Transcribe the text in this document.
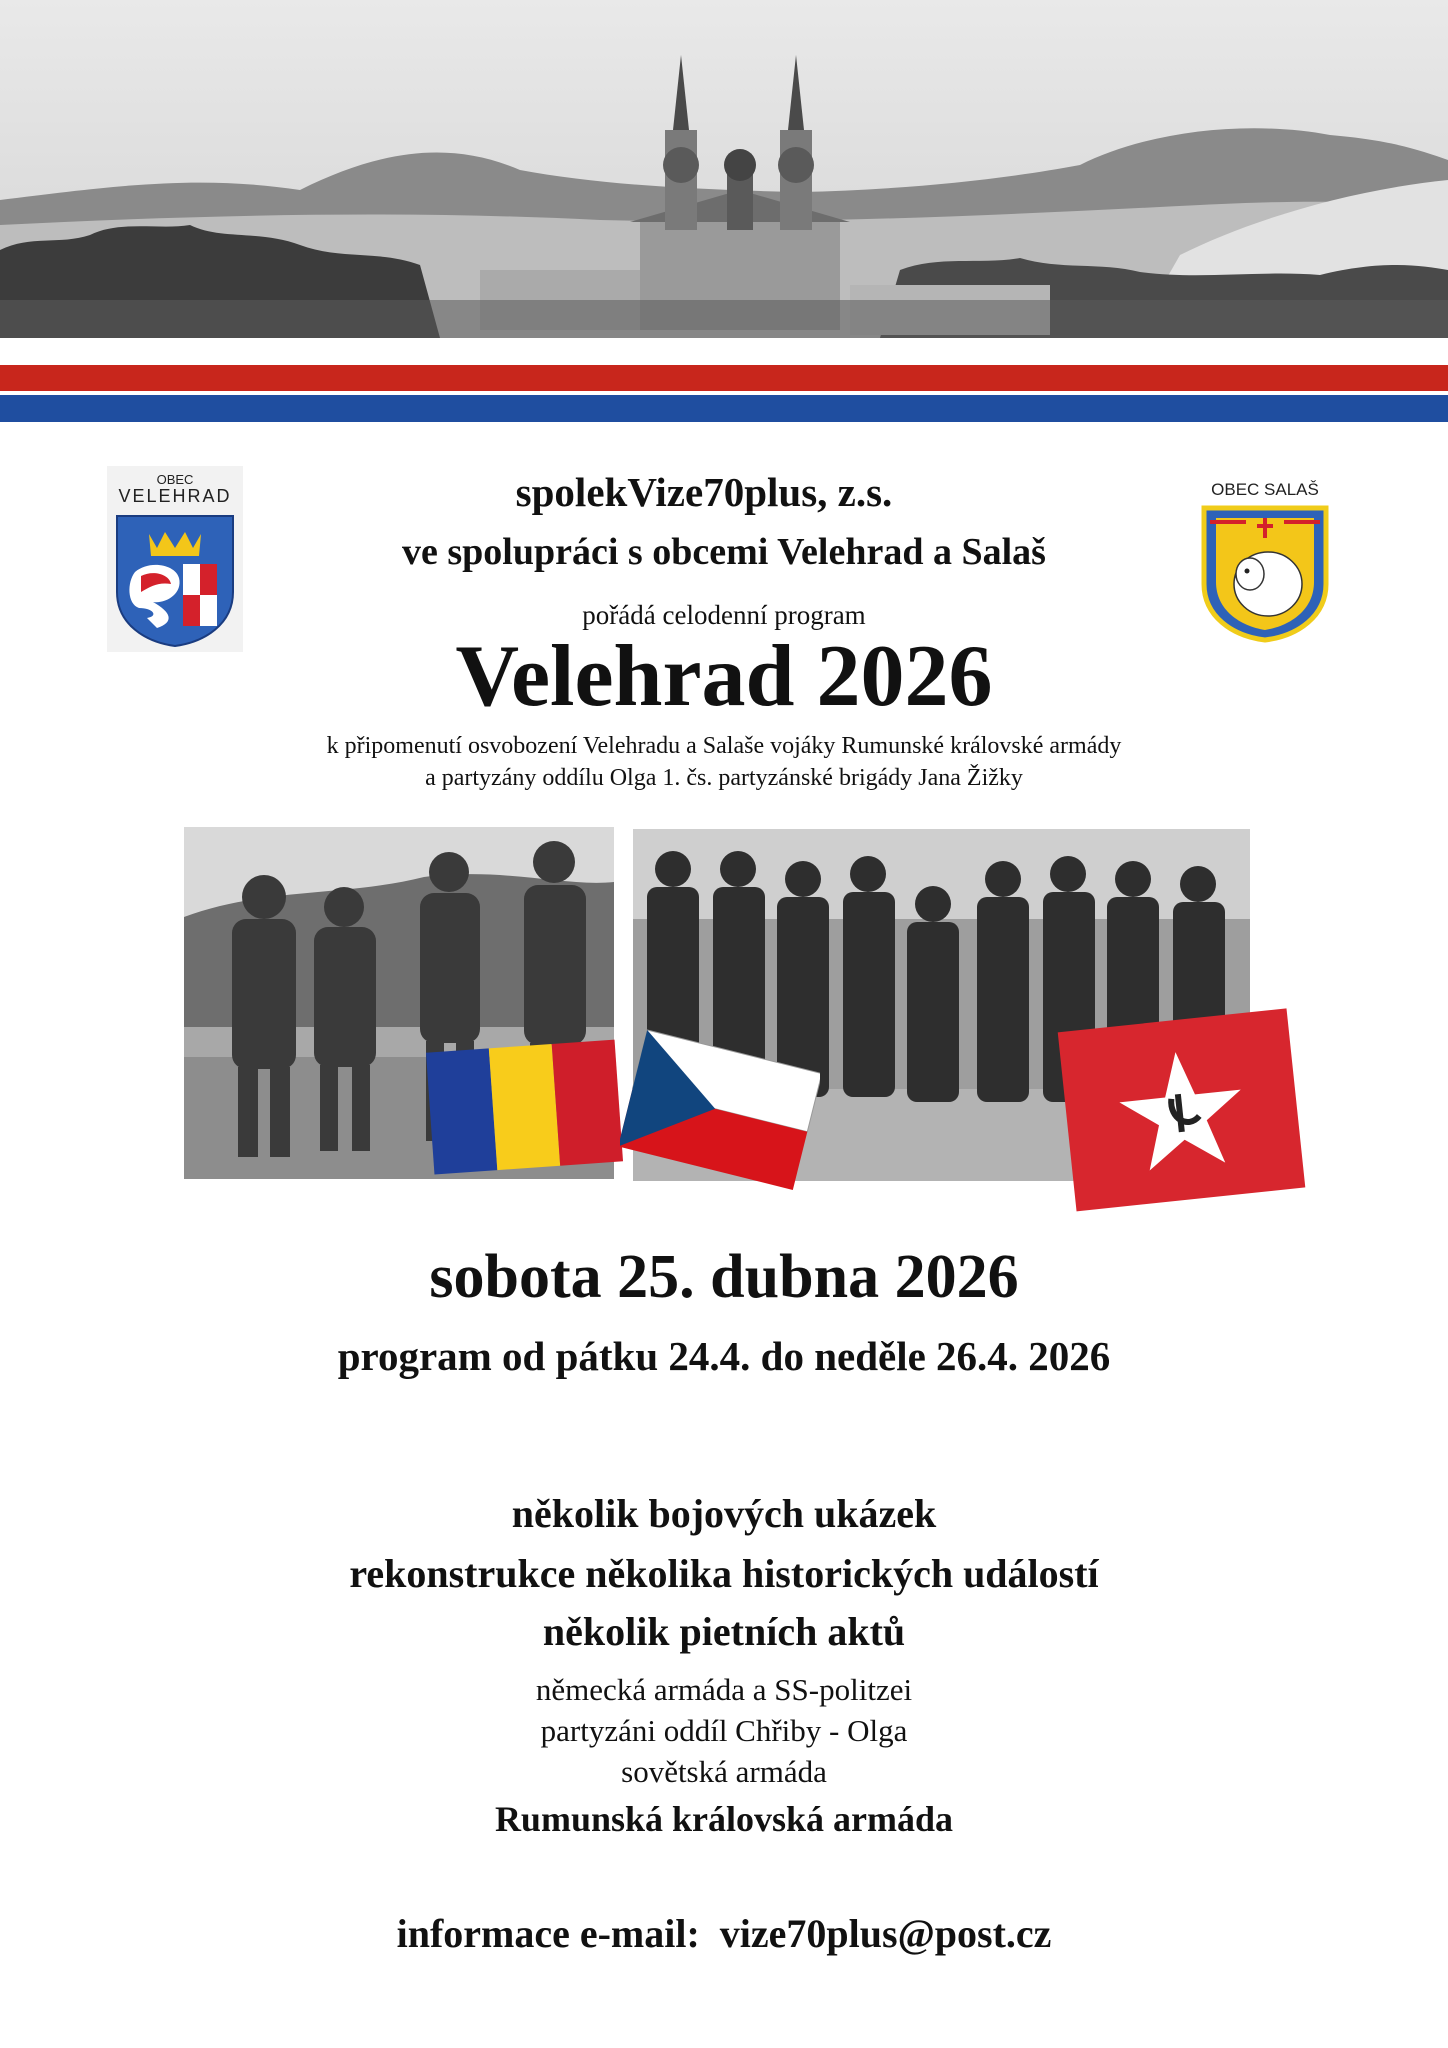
OBEC
VELEHRAD	OBEC SALAŠ
spolekVize70plus, z.s.
ve spolupráci s obcemi Velehrad a Salaš
pořádá celodenní program
Velehrad 2026
k připomenutí osvobození Velehradu a Salaše vojáky Rumunské královské armády
a partyzány oddílu Olga 1. čs. partyzánské brigády Jana Žižky
sobota 25. dubna 2026
program od pátku 24.4. do neděle 26.4. 2026
několik bojových ukázek
rekonstrukce několika historických událostí
několik pietních aktů
německá armáda a SS-politzei
partyzáni oddíl Chřiby - Olga
sovětská armáda
Rumunská královská armáda
informace e-mail:  vize70plus@post.cz
